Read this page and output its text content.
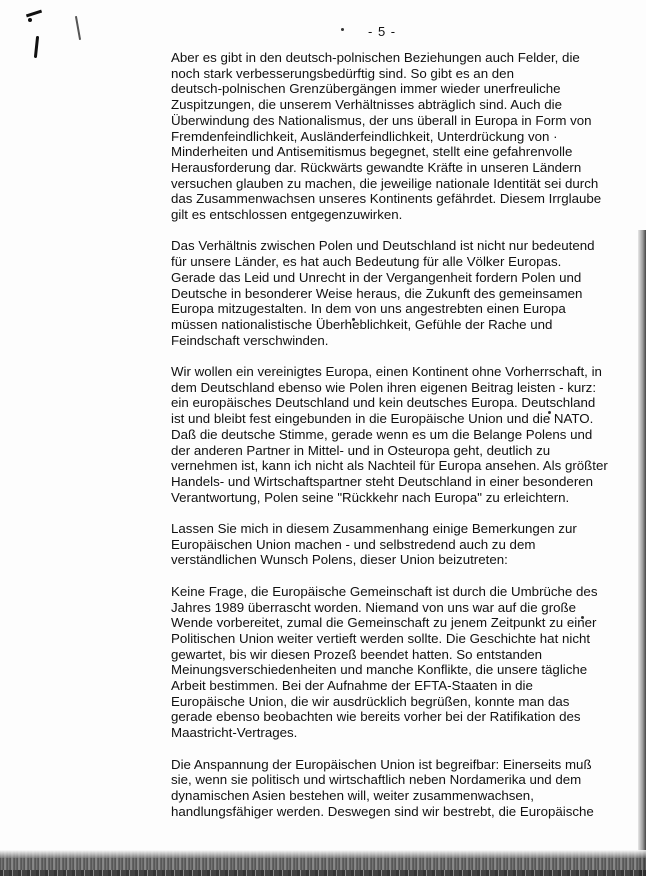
- 5 -

Aber es gibt in den deutsch-polnischen Beziehungen auch Felder, die
noch stark verbesserungsbedürftig sind. So gibt es an den
deutsch-polnischen Grenzübergängen immer wieder unerfreuliche
Zuspitzungen, die unserem Verhältnisses abträglich sind. Auch die
Überwindung des Nationalismus, der uns überall in Europa in Form von
Fremdenfeindlichkeit, Ausländerfeindlichkeit, Unterdrückung von ·
Minderheiten und Antisemitismus begegnet, stellt eine gefahrenvolle
Herausforderung dar. Rückwärts gewandte Kräfte in unseren Ländern
versuchen glauben zu machen, die jeweilige nationale Identität sei durch
das Zusammenwachsen unseres Kontinents gefährdet. Diesem Irrglaube
gilt es entschlossen entgegenzuwirken.

Das Verhältnis zwischen Polen und Deutschland ist nicht nur bedeutend
für unsere Länder, es hat auch Bedeutung für alle Völker Europas.
Gerade das Leid und Unrecht in der Vergangenheit fordern Polen und
Deutsche in besonderer Weise heraus, die Zukunft des gemeinsamen
Europa mitzugestalten. In dem von uns angestrebten einen Europa
müssen nationalistische Überheblichkeit, Gefühle der Rache und
Feindschaft verschwinden.

Wir wollen ein vereinigtes Europa, einen Kontinent ohne Vorherrschaft, in
dem Deutschland ebenso wie Polen ihren eigenen Beitrag leisten - kurz:
ein europäisches Deutschland und kein deutsches Europa. Deutschland
ist und bleibt fest eingebunden in die Europäische Union und die NATO.
Daß die deutsche Stimme, gerade wenn es um die Belange Polens und
der anderen Partner in Mittel- und in Osteuropa geht, deutlich zu
vernehmen ist, kann ich nicht als Nachteil für Europa ansehen. Als größter
Handels- und Wirtschaftspartner steht Deutschland in einer besonderen
Verantwortung, Polen seine "Rückkehr nach Europa" zu erleichtern.

Lassen Sie mich in diesem Zusammenhang einige Bemerkungen zur
Europäischen Union machen - und selbstredend auch zu dem
verständlichen Wunsch Polens, dieser Union beizutreten:

Keine Frage, die Europäische Gemeinschaft ist durch die Umbrüche des
Jahres 1989 überrascht worden. Niemand von uns war auf die große
Wende vorbereitet, zumal die Gemeinschaft zu jenem Zeitpunkt zu einer
Politischen Union weiter vertieft werden sollte. Die Geschichte hat nicht
gewartet, bis wir diesen Prozeß beendet hatten. So entstanden
Meinungsverschiedenheiten und manche Konflikte, die unsere tägliche
Arbeit bestimmen. Bei der Aufnahme der EFTA-Staaten in die
Europäische Union, die wir ausdrücklich begrüßen, konnte man das
gerade ebenso beobachten wie bereits vorher bei der Ratifikation des
Maastricht-Vertrages.

Die Anspannung der Europäischen Union ist begreifbar: Einerseits muß
sie, wenn sie politisch und wirtschaftlich neben Nordamerika und dem
dynamischen Asien bestehen will, weiter zusammenwachsen,
handlungsfähiger werden. Deswegen sind wir bestrebt, die Europäische
